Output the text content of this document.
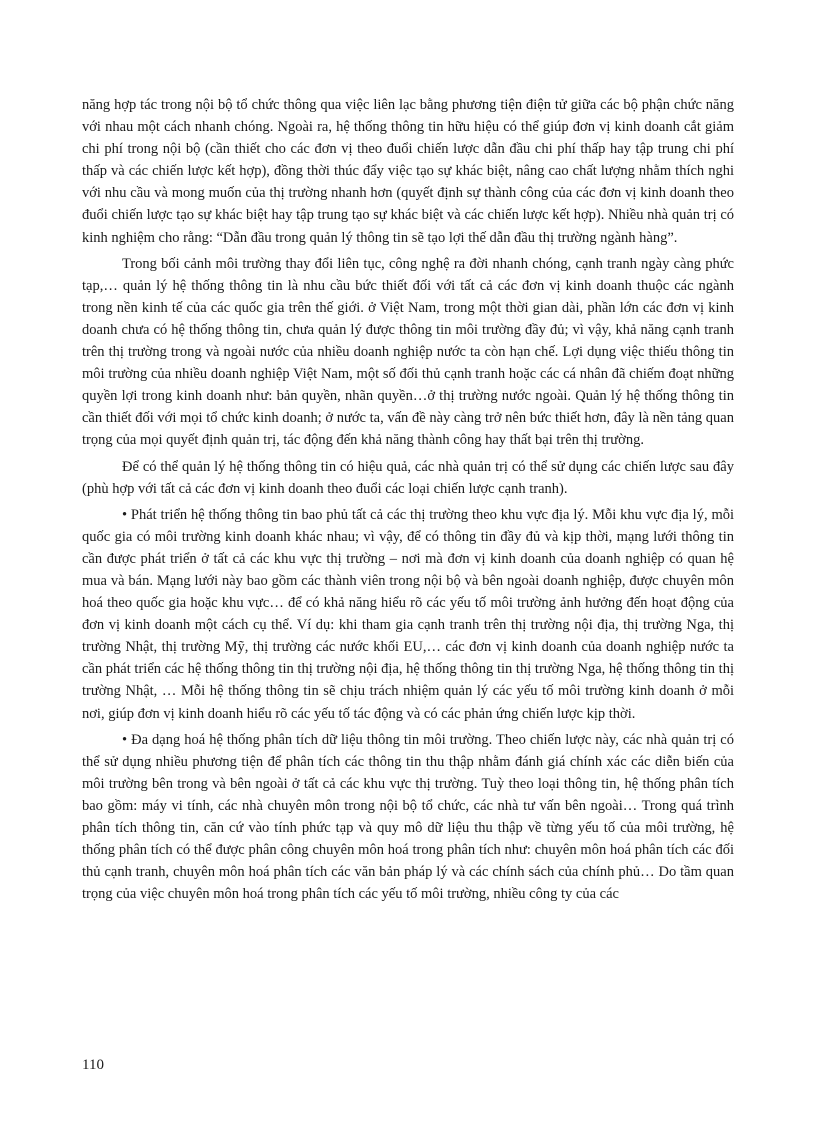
năng hợp tác trong nội bộ tổ chức thông qua việc liên lạc bằng phương tiện điện tử giữa các bộ phận chức năng với nhau một cách nhanh chóng. Ngoài ra, hệ thống thông tin hữu hiệu có thể giúp đơn vị kinh doanh cắt giảm chi phí trong nội bộ (cần thiết cho các đơn vị theo đuổi chiến lược dẫn đầu chi phí thấp hay tập trung chi phí thấp và các chiến lược kết hợp), đồng thời thúc đẩy việc tạo sự khác biệt, nâng cao chất lượng nhằm thích nghi với nhu cầu và mong muốn của thị trường nhanh hơn (quyết định sự thành công của các đơn vị kinh doanh theo đuổi chiến lược tạo sự khác biệt hay tập trung tạo sự khác biệt và các chiến lược kết hợp). Nhiều nhà quản trị có kinh nghiệm cho rằng: “Dẫn đầu trong quản lý thông tin sẽ tạo lợi thế dẫn đầu thị trường ngành hàng”.

Trong bối cảnh môi trường thay đổi liên tục, công nghệ ra đời nhanh chóng, cạnh tranh ngày càng phức tạp,… quản lý hệ thống thông tin là nhu cầu bức thiết đối với tất cả các đơn vị kinh doanh thuộc các ngành trong nền kinh tế của các quốc gia trên thế giới. ở Việt Nam, trong một thời gian dài, phần lớn các đơn vị kinh doanh chưa có hệ thống thông tin, chưa quản lý được thông tin môi trường đầy đủ; vì vậy, khả năng cạnh tranh trên thị trường trong và ngoài nước của nhiều doanh nghiệp nước ta còn hạn chế. Lợi dụng việc thiếu thông tin môi trường của nhiều doanh nghiệp Việt Nam, một số đối thủ cạnh tranh hoặc các cá nhân đã chiếm đoạt những quyền lợi trong kinh doanh như: bản quyền, nhãn quyền…ở thị trường nước ngoài. Quản lý hệ thống thông tin cần thiết đối với mọi tổ chức kinh doanh; ở nước ta, vấn đề này càng trở nên bức thiết hơn, đây là nền tảng quan trọng của mọi quyết định quản trị, tác động đến khả năng thành công hay thất bại trên thị trường.

Để có thể quản lý hệ thống thông tin có hiệu quả, các nhà quản trị có thể sử dụng các chiến lược sau đây (phù hợp với tất cả các đơn vị kinh doanh theo đuổi các loại chiến lược cạnh tranh).

• Phát triển hệ thống thông tin bao phủ tất cả các thị trường theo khu vực địa lý. Mỗi khu vực địa lý, mỗi quốc gia có môi trường kinh doanh khác nhau; vì vậy, để có thông tin đầy đủ và kịp thời, mạng lưới thông tin cần được phát triển ở tất cả các khu vực thị trường – nơi mà đơn vị kinh doanh của doanh nghiệp có quan hệ mua và bán. Mạng lưới này bao gồm các thành viên trong nội bộ và bên ngoài doanh nghiệp, được chuyên môn hoá theo quốc gia hoặc khu vực… để có khả năng hiểu rõ các yếu tố môi trường ảnh hưởng đến hoạt động của đơn vị kinh doanh một cách cụ thể. Ví dụ: khi tham gia cạnh tranh trên thị trường nội địa, thị trường Nga, thị trường Nhật, thị trường Mỹ, thị trường các nước khối EU,… các đơn vị kinh doanh của doanh nghiệp nước ta cần phát triển các hệ thống thông tin thị trường nội địa, hệ thống thông tin thị trường Nga, hệ thống thông tin thị trường Nhật, … Mỗi hệ thống thông tin sẽ chịu trách nhiệm quản lý các yếu tố môi trường kinh doanh ở mỗi nơi, giúp đơn vị kinh doanh hiểu rõ các yếu tố tác động và có các phản ứng chiến lược kịp thời.

• Đa dạng hoá hệ thống phân tích dữ liệu thông tin môi trường. Theo chiến lược này, các nhà quản trị có thể sử dụng nhiều phương tiện để phân tích các thông tin thu thập nhằm đánh giá chính xác các diễn biến của môi trường bên trong và bên ngoài ở tất cả các khu vực thị trường. Tuỳ theo loại thông tin, hệ thống phân tích bao gồm: máy vi tính, các nhà chuyên môn trong nội bộ tổ chức, các nhà tư vấn bên ngoài… Trong quá trình phân tích thông tin, căn cứ vào tính phức tạp và quy mô dữ liệu thu thập về từng yếu tố của môi trường, hệ thống phân tích có thể được phân công chuyên môn hoá trong phân tích như: chuyên môn hoá phân tích các đối thủ cạnh tranh, chuyên môn hoá phân tích các văn bản pháp lý và các chính sách của chính phủ… Do tầm quan trọng của việc chuyên môn hoá trong phân tích các yếu tố môi trường, nhiều công ty của các

110
